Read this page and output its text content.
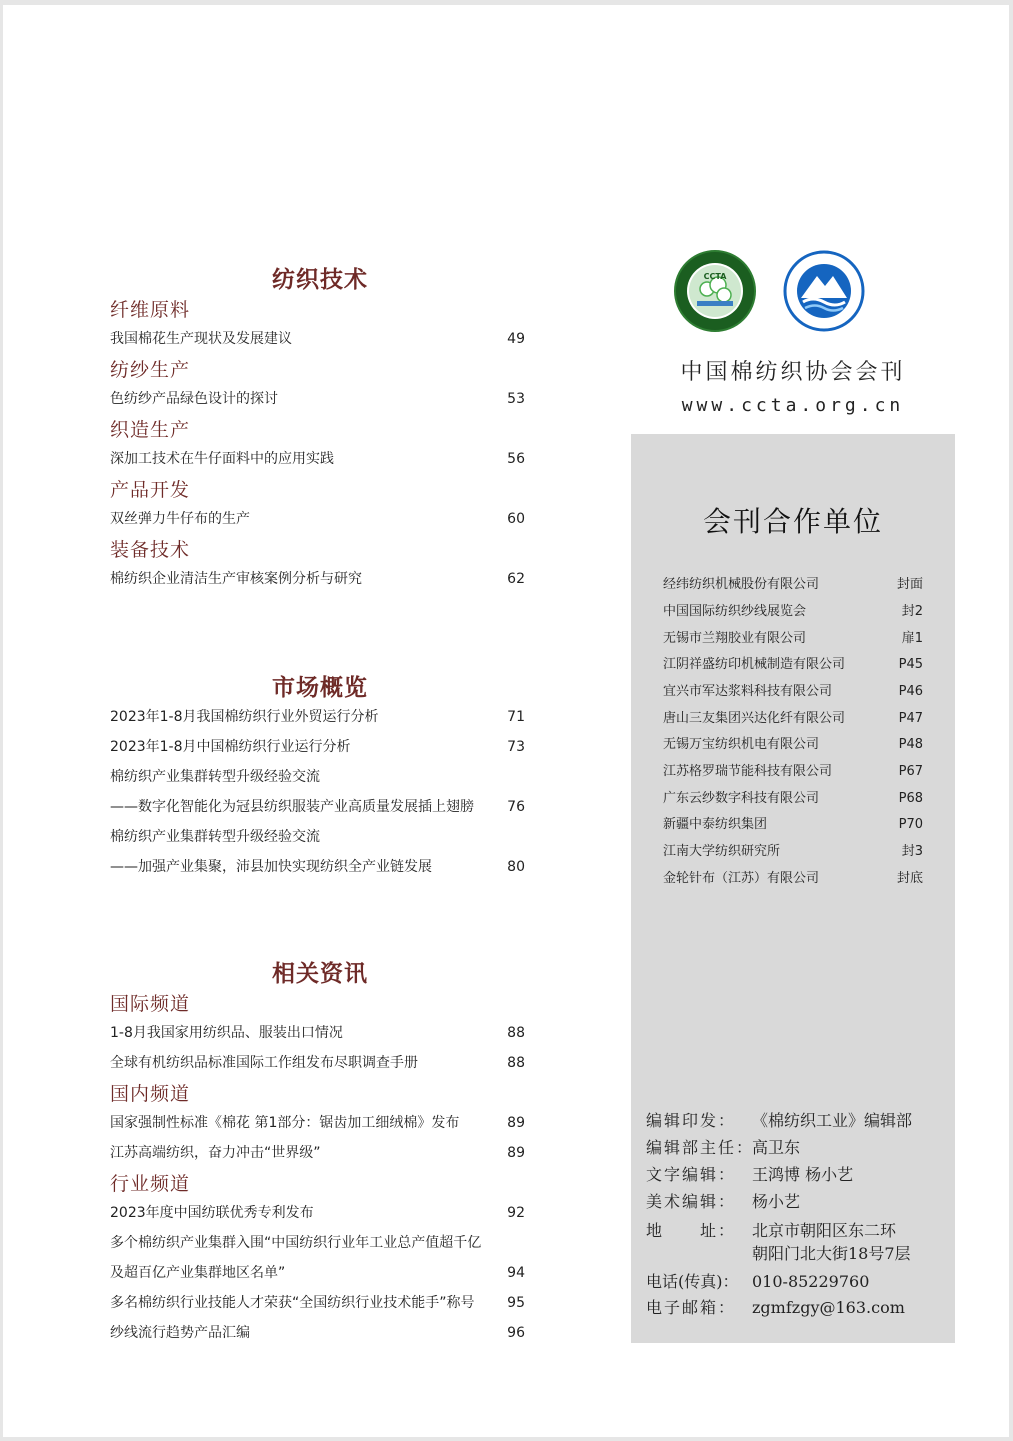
纺织技术
纤维原料
我国棉花生产现状及发展建议	49
纺纱生产
色纺纱产品绿色设计的探讨	53
织造生产
深加工技术在牛仔面料中的应用实践	56
产品开发
双丝弹力牛仔布的生产	60
装备技术
棉纺织企业清洁生产审核案例分析与研究	62
市场概览
2023年1-8月我国棉纺织行业外贸运行分析	71
2023年1-8月中国棉纺织行业运行分析	73
棉纺织产业集群转型升级经验交流
——数字化智能化为冠县纺织服装产业高质量发展插上翅膀 76
棉纺织产业集群转型升级经验交流
——加强产业集聚，沛县加快实现纺织全产业链发展	80
相关资讯
国际频道
1-8月我国家用纺织品、服装出口情况	88
全球有机纺织品标准国际工作组发布尽职调查手册	88
国内频道
国家强制性标准《棉花 第1部分：锯齿加工细绒棉》发布	89
江苏高端纺织，奋力冲击“世界级”	89
行业频道
2023年度中国纺联优秀专利发布	92
多个棉纺织产业集群入围“中国纺织行业年工业总产值超千亿
及超百亿产业集群地区名单”	94
多名棉纺织行业技能人才荣获“全国纺织行业技术能手”称号 95
纱线流行趋势产品汇编	96
CCTA
中国棉纺织协会会刊
www.ccta.org.cn
会刊合作单位
经纬纺织机械股份有限公司	封面
中国国际纺织纱线展览会	封2
无锡市兰翔胶业有限公司	扉1
江阴祥盛纺印机械制造有限公司	P45
宜兴市军达浆料科技有限公司	P46
唐山三友集团兴达化纤有限公司	P47
无锡万宝纺织机电有限公司	P48
江苏格罗瑞节能科技有限公司	P67
广东云纱数字科技有限公司	P68
新疆中泰纺织集团	P70
江南大学纺织研究所	封3
金轮针布（江苏）有限公司	封底
编辑印发： 《棉纺织工业》编辑部
编辑部主任：
高卫东
文字编辑： 王鸿博 杨小艺
美术编辑： 杨小艺
地　　址： 北京市朝阳区东二环
朝阳门北大街18号7层
电话(传真)： 010-85229760
电子邮箱： zgmfzgy@163.com
